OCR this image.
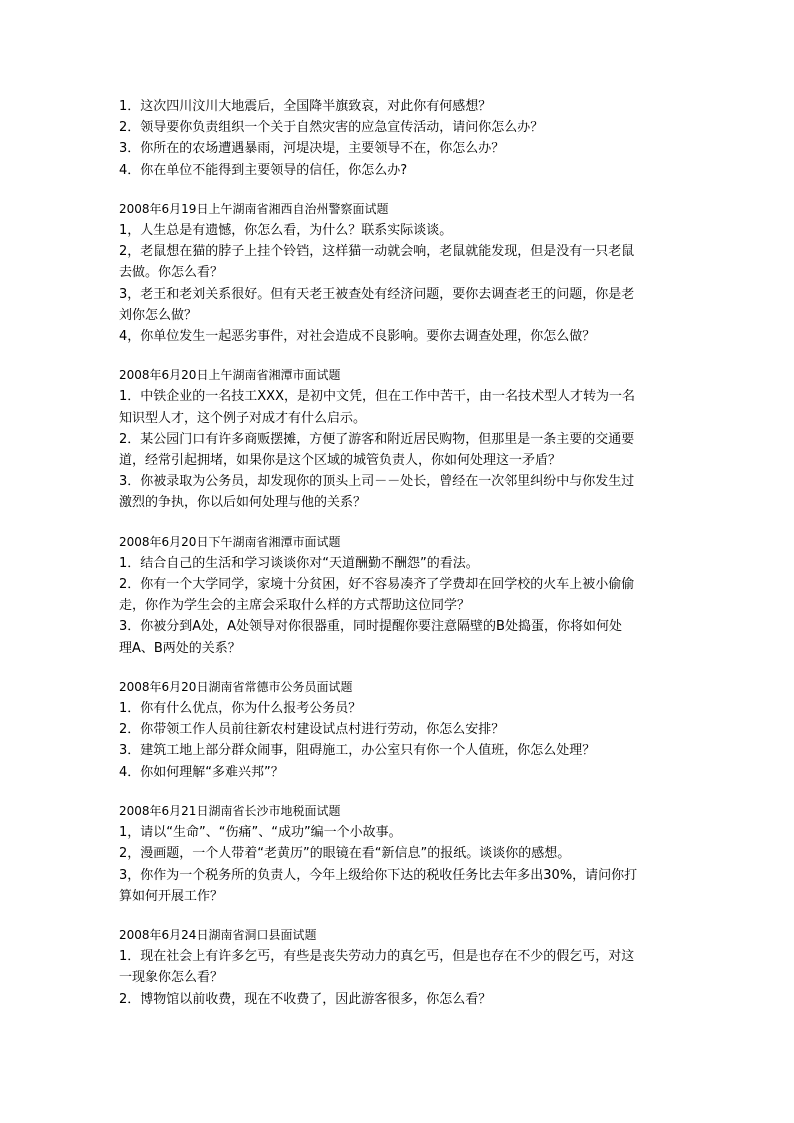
1．这次四川汶川大地震后，全国降半旗致哀，对此你有何感想？
2．领导要你负责组织一个关于自然灾害的应急宣传活动，请问你怎么办？
3．你所在的农场遭遇暴雨，河堤决堤，主要领导不在，你怎么办？
4．你在单位不能得到主要领导的信任，你怎么办?
2008年6月19日上午湖南省湘西自治州警察面试题
1，人生总是有遗憾，你怎么看，为什么？联系实际谈谈。
2，老鼠想在猫的脖子上挂个铃铛，这样猫一动就会响，老鼠就能发现，但是没有一只老鼠
去做。你怎么看？
3，老王和老刘关系很好。但有天老王被查处有经济问题，要你去调查老王的问题，你是老
刘你怎么做？
4，你单位发生一起恶劣事件，对社会造成不良影响。要你去调查处理，你怎么做？
2008年6月20日上午湖南省湘潭市面试题
1．中铁企业的一名技工XXX，是初中文凭，但在工作中苦干，由一名技术型人才转为一名
知识型人才，这个例子对成才有什么启示。
2．某公园门口有许多商贩摆摊，方便了游客和附近居民购物，但那里是一条主要的交通要
道，经常引起拥堵，如果你是这个区域的城管负责人，你如何处理这一矛盾？
3．你被录取为公务员，却发现你的顶头上司－－处长，曾经在一次邻里纠纷中与你发生过
激烈的争执，你以后如何处理与他的关系？
2008年6月20日下午湖南省湘潭市面试题
1．结合自己的生活和学习谈谈你对“天道酬勤不酬怨”的看法。
2．你有一个大学同学，家境十分贫困，好不容易凑齐了学费却在回学校的火车上被小偷偷
走，你作为学生会的主席会采取什么样的方式帮助这位同学？
3．你被分到A处，A处领导对你很器重，同时提醒你要注意隔壁的B处捣蛋，你将如何处
理A、B两处的关系？
2008年6月20日湖南省常德市公务员面试题
1．你有什么优点，你为什么报考公务员？
2．你带领工作人员前往新农村建设试点村进行劳动，你怎么安排？
3．建筑工地上部分群众闹事，阻碍施工，办公室只有你一个人值班，你怎么处理？
4．你如何理解“多难兴邦”？
2008年6月21日湖南省长沙市地税面试题
1，请以“生命”、“伤痛”、“成功”编一个小故事。
2，漫画题，一个人带着“老黄历”的眼镜在看“新信息”的报纸。谈谈你的感想。
3，你作为一个税务所的负责人，今年上级给你下达的税收任务比去年多出30%，请问你打
算如何开展工作？
2008年6月24日湖南省洞口县面试题
1．现在社会上有许多乞丐，有些是丧失劳动力的真乞丐，但是也存在不少的假乞丐，对这
一现象你怎么看？
2．博物馆以前收费，现在不收费了，因此游客很多，你怎么看？
